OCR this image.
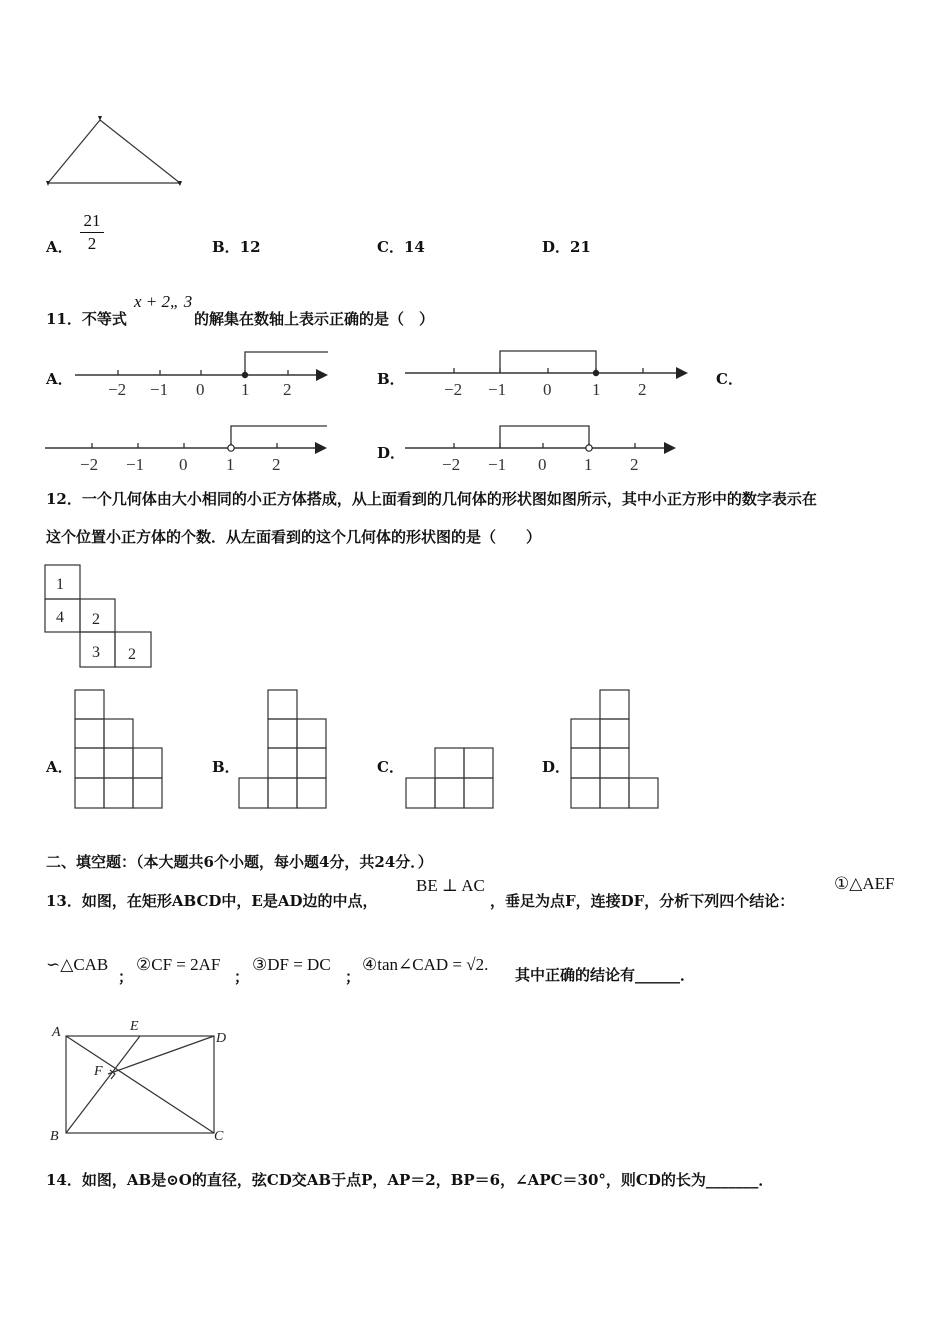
A．
21
2	B．12	C．14	D．21
11．不等式
x + 2„ 3
的解集在数轴上表示正确的是（　）
A．
−2 −1 0 1 2
B．
−2 −1 0 1 2
C．
−2 −1 0 1 2
D．
−2 −1 0 1 2
12．一个几何体由大小相同的小正方体搭成，从上面看到的几何体的形状图如图所示，其中小正方形中的数字表示在
这个位置小正方体的个数．从左面看到的这个几何体的形状图的是（　　）
1
4 2
3 2
A．	B．	C．	D．
二、填空题：（本大题共6个小题，每小题4分，共24分．）
13．如图，在矩形ABCD中，E是AD边的中点，
BE ⊥ AC
，垂足为点F，连接DF，分析下列四个结论：
①△AEF
∽△CAB
；
②CF = 2AF
；
③DF = DC
；
④tan∠CAD = √2.
其中正确的结论有______．
A	E
D
F
B	C
14．如图，AB是⊙O的直径，弦CD交AB于点P，AP＝2，BP＝6，∠APC＝30°，则CD的长为_______．
